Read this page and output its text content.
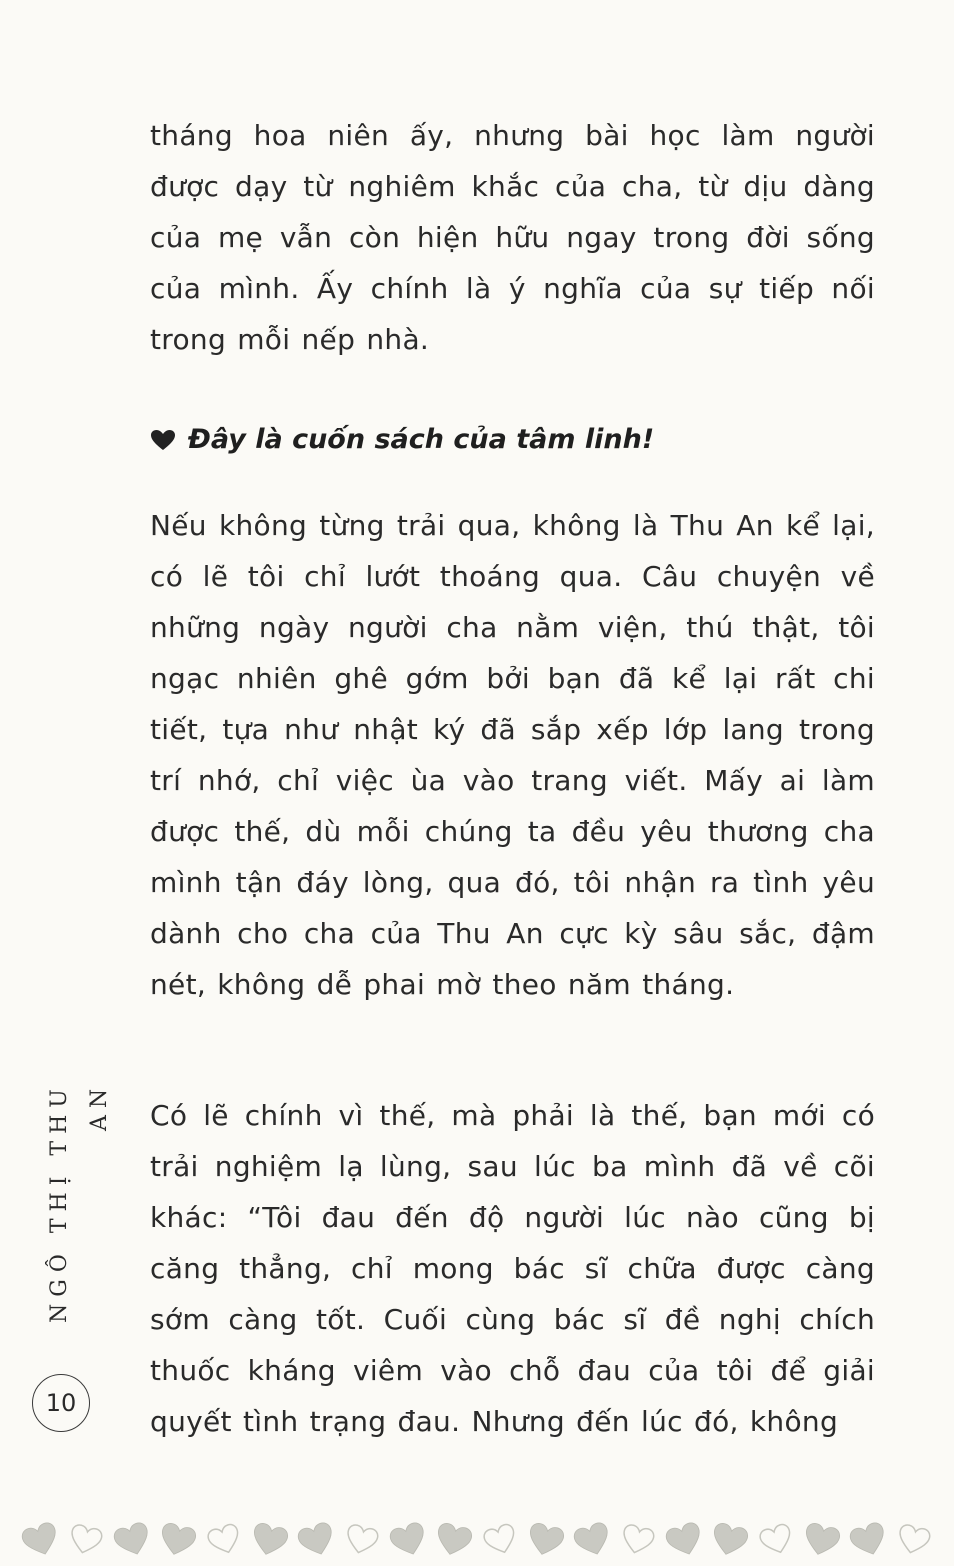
tháng hoa niên ấy, nhưng bài học làm người được dạy từ nghiêm khắc của cha, từ dịu dàng của mẹ vẫn còn hiện hữu ngay trong đời sống của mình. Ấy chính là ý nghĩa của sự tiếp nối trong mỗi nếp nhà.

Đây là cuốn sách của tâm linh!

Nếu không từng trải qua, không là Thu An kể lại, có lẽ tôi chỉ lướt thoáng qua. Câu chuyện về những ngày người cha nằm viện, thú thật, tôi ngạc nhiên ghê gớm bởi bạn đã kể lại rất chi tiết, tựa như nhật ký đã sắp xếp lớp lang trong trí nhớ, chỉ việc ùa vào trang viết. Mấy ai làm được thế, dù mỗi chúng ta đều yêu thương cha mình tận đáy lòng, qua đó, tôi nhận ra tình yêu dành cho cha của Thu An cực kỳ sâu sắc, đậm nét, không dễ phai mờ theo năm tháng.

Có lẽ chính vì thế, mà phải là thế, bạn mới có trải nghiệm lạ lùng, sau lúc ba mình đã về cõi khác: “Tôi đau đến độ người lúc nào cũng bị căng thẳng, chỉ mong bác sĩ chữa được càng sớm càng tốt. Cuối cùng bác sĩ đề nghị chích thuốc kháng viêm vào chỗ đau của tôi để giải quyết tình trạng đau. Nhưng đến lúc đó, không

NGÔ THỊ THU AN
10
